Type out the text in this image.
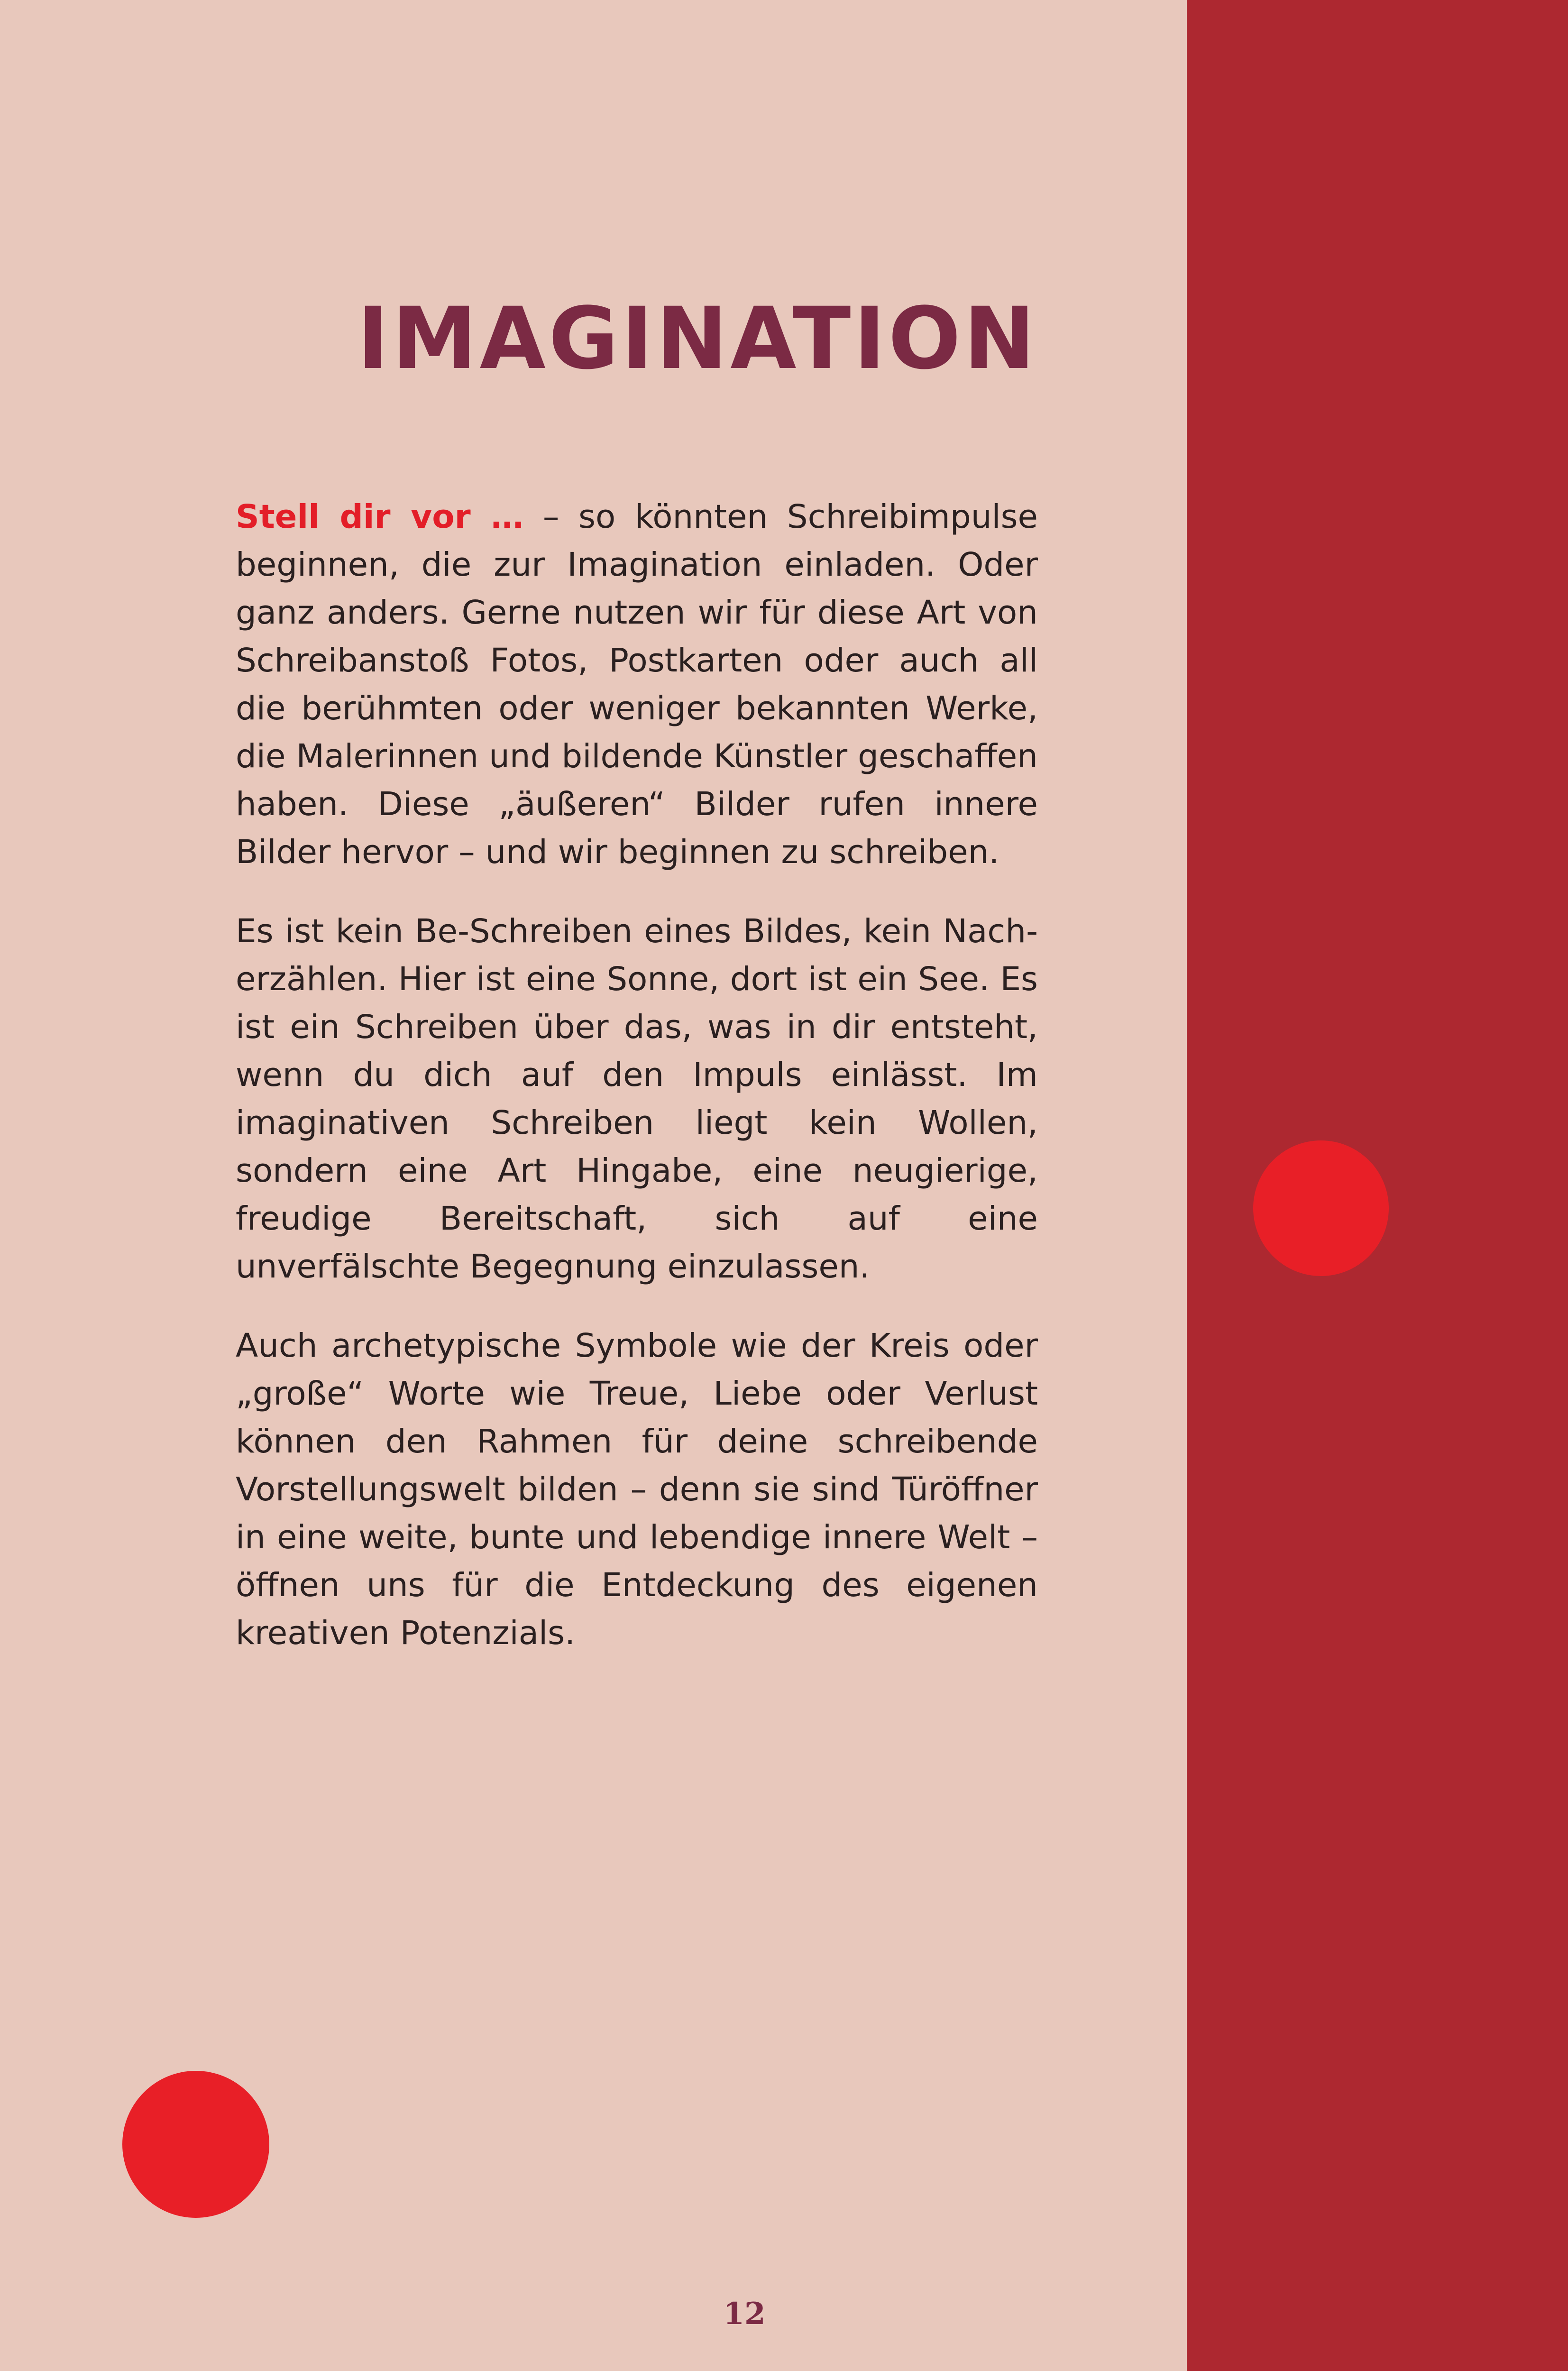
IMAGINATION

Stell dir vor … – so könnten Schreibimpulse beginnen, die zur Imagination einladen. Oder ganz anders. Gerne nutzen wir für diese Art von Schreibanstoß Fotos, Postkarten oder auch all die berühmten oder weniger bekannten Werke, die Malerinnen und bildende Künstler geschaffen haben. Diese „äußeren“ Bilder rufen innere Bilder hervor – und wir beginnen zu schreiben.

Es ist kein Be-Schreiben eines Bildes, kein Nacherzählen. Hier ist eine Sonne, dort ist ein See. Es ist ein Schreiben über das, was in dir entsteht, wenn du dich auf den Impuls einlässt. Im imaginativen Schreiben liegt kein Wollen, sondern eine Art Hingabe, eine neugierige, freudige Bereitschaft, sich auf eine unverfälschte Begegnung einzulassen.

Auch archetypische Symbole wie der Kreis oder „große“ Worte wie Treue, Liebe oder Verlust können den Rahmen für deine schreibende Vorstellungswelt bilden – denn sie sind Türöffner in eine weite, bunte und lebendige innere Welt – öffnen uns für die Entdeckung des eigenen kreativen Potenzials.

12
